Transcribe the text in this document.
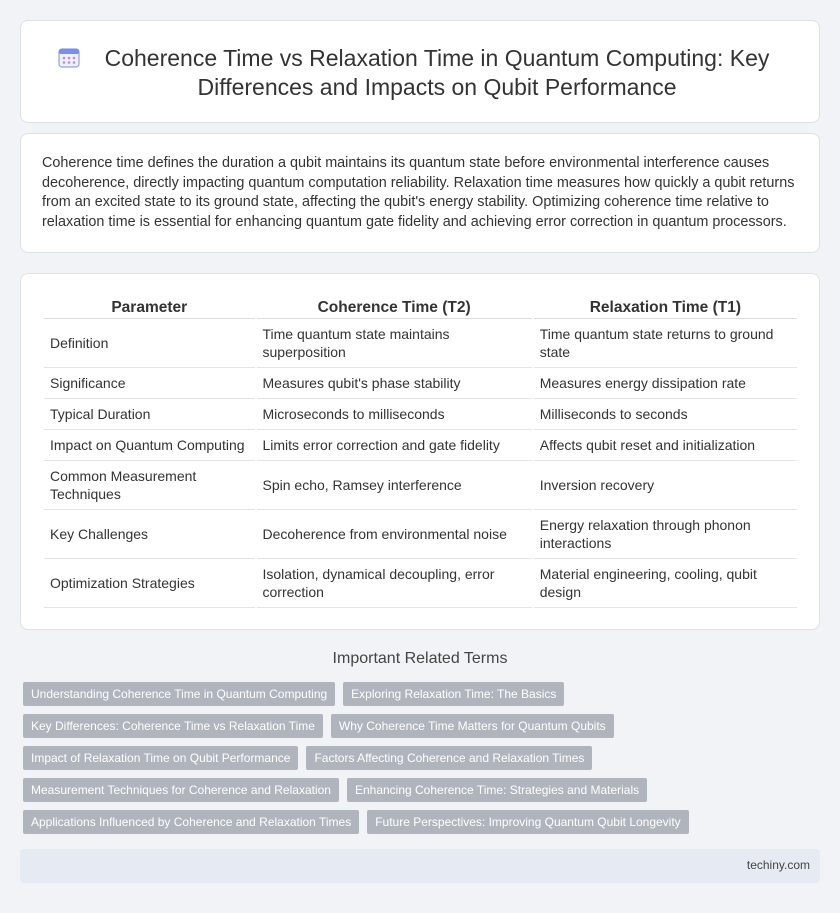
Coherence Time vs Relaxation Time in Quantum Computing: Key Differences and Impacts on Qubit Performance

Coherence time defines the duration a qubit maintains its quantum state before environmental interference causes decoherence, directly impacting quantum computation reliability. Relaxation time measures how quickly a qubit returns from an excited state to its ground state, affecting the qubit's energy stability. Optimizing coherence time relative to relaxation time is essential for enhancing quantum gate fidelity and achieving error correction in quantum processors.

Parameter	Coherence Time (T2)	Relaxation Time (T1)
Definition	Time quantum state maintains superposition	Time quantum state returns to ground state
Significance	Measures qubit's phase stability	Measures energy dissipation rate
Typical Duration	Microseconds to milliseconds	Milliseconds to seconds
Impact on Quantum Computing	Limits error correction and gate fidelity	Affects qubit reset and initialization
Common Measurement Techniques	Spin echo, Ramsey interference	Inversion recovery
Key Challenges	Decoherence from environmental noise	Energy relaxation through phonon interactions
Optimization Strategies	Isolation, dynamical decoupling, error correction	Material engineering, cooling, qubit design
Important Related Terms
Understanding Coherence Time in Quantum Computing	Exploring Relaxation Time: The Basics
Key Differences: Coherence Time vs Relaxation Time	Why Coherence Time Matters for Quantum Qubits
Impact of Relaxation Time on Qubit Performance	Factors Affecting Coherence and Relaxation Times
Measurement Techniques for Coherence and Relaxation	Enhancing Coherence Time: Strategies and Materials
Applications Influenced by Coherence and Relaxation Times	Future Perspectives: Improving Quantum Qubit Longevity
techiny.com
